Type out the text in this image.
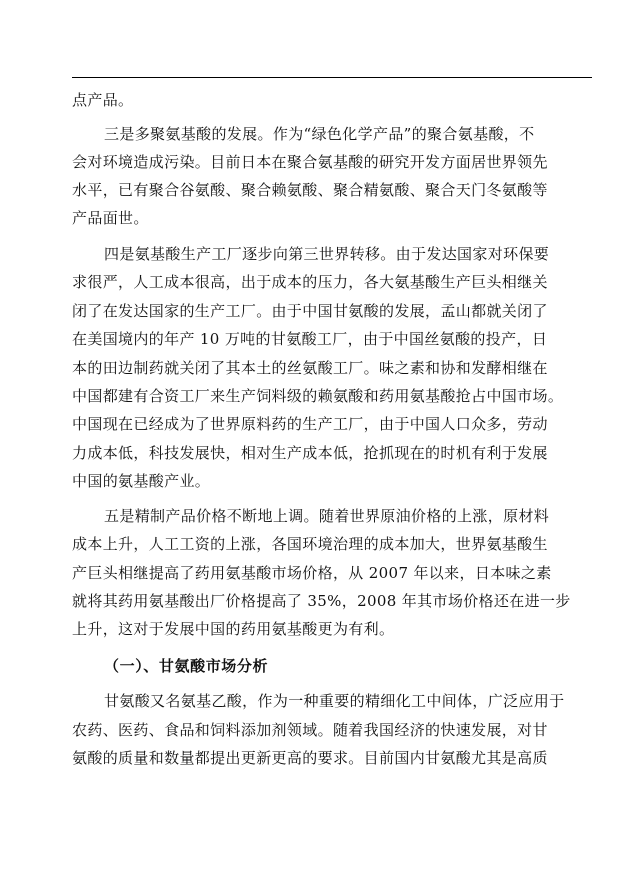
点产品。
三是多聚氨基酸的发展。作为“绿色化学产品”的聚合氨基酸，不
会对环境造成污染。目前日本在聚合氨基酸的研究开发方面居世界领先
水平，已有聚合谷氨酸、聚合赖氨酸、聚合精氨酸、聚合天门冬氨酸等
产品面世。
四是氨基酸生产工厂逐步向第三世界转移。由于发达国家对环保要
求很严，人工成本很高，出于成本的压力，各大氨基酸生产巨头相继关
闭了在发达国家的生产工厂。由于中国甘氨酸的发展，孟山都就关闭了
在美国境内的年产 10 万吨的甘氨酸工厂，由于中国丝氨酸的投产，日
本的田边制药就关闭了其本土的丝氨酸工厂。味之素和协和发酵相继在
中国都建有合资工厂来生产饲料级的赖氨酸和药用氨基酸抢占中国市场。
中国现在已经成为了世界原料药的生产工厂，由于中国人口众多，劳动
力成本低，科技发展快，相对生产成本低，抢抓现在的时机有利于发展
中国的氨基酸产业。
五是精制产品价格不断地上调。随着世界原油价格的上涨，原材料
成本上升，人工工资的上涨，各国环境治理的成本加大，世界氨基酸生
产巨头相继提高了药用氨基酸市场价格，从 2007 年以来，日本味之素
就将其药用氨基酸出厂价格提高了 35%，2008 年其市场价格还在进一步
上升，这对于发展中国的药用氨基酸更为有利。
（一）、甘氨酸市场分析
甘氨酸又名氨基乙酸，作为一种重要的精细化工中间体，广泛应用于
农药、医药、食品和饲料添加剂领域。随着我国经济的快速发展，对甘
氨酸的质量和数量都提出更新更高的要求。目前国内甘氨酸尤其是高质
